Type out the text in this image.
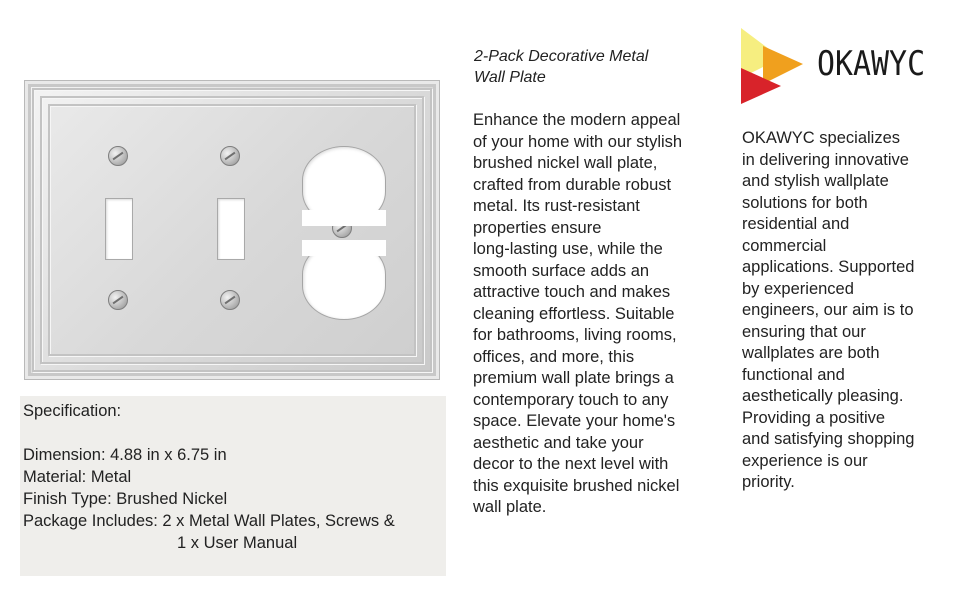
Specification:
Dimension: 4.88 in x 6.75 in
Material: Metal
Finish Type: Brushed Nickel
Package Includes: 2 x Metal Wall Plates, Screws &
1 x User Manual
2-Pack Decorative Metal
Wall Plate
Enhance the modern appeal
of your home with our stylish
brushed nickel wall plate,
crafted from durable robust
metal. Its rust-resistant
properties ensure
long-lasting use, while the
smooth surface adds an
attractive touch and makes
cleaning effortless. Suitable
for bathrooms, living rooms,
offices, and more, this
premium wall plate brings a
contemporary touch to any
space. Elevate your home's
aesthetic and take your
decor to the next level with
this exquisite brushed nickel
wall plate.
OKAWYC
OKAWYC specializes
in delivering innovative
and stylish wallplate
solutions for both
residential and
commercial
applications. Supported
by experienced
engineers, our aim is to
ensuring that our
wallplates are both
functional and
aesthetically pleasing.
Providing a positive
and satisfying shopping
experience is our
priority.
